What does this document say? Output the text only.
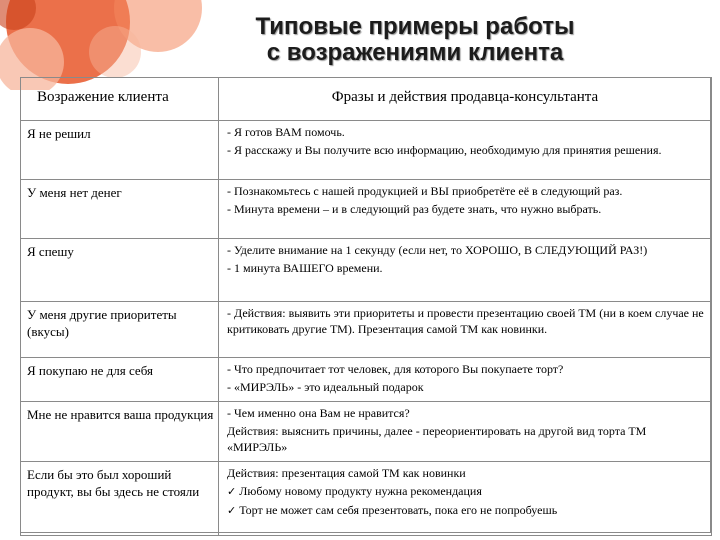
Типовые примеры работы
с возражениями клиента
Возражение клиента	Фразы и действия продавца-консультанта
Я не решил	- Я готов ВАМ помочь.
- Я расскажу и Вы получите всю информацию, необходимую для принятия решения.

У меня нет денег	- Познакомьтесь с нашей продукцией и ВЫ приобретёте её в следующий раз.
- Минута времени – и в следующий раз будете знать, что нужно выбрать.

Я спешу	- Уделите внимание на 1 секунду (если нет, то ХОРОШО, В СЛЕДУЮЩИЙ РАЗ!)
- 1 минута ВАШЕГО времени.

У меня другие приоритеты (вкусы)	- Действия: выявить эти приоритеты и провести презентацию своей ТМ (ни в коем случае не критиковать другие ТМ). Презентация самой ТМ как новинки.

Я покупаю не для себя	- Что предпочитает тот человек, для которого Вы покупаете торт?
- «МИРЭЛЬ» - это идеальный подарок

Мне не нравится ваша продукция	- Чем именно она Вам не нравится?
Действия: выяснить причины, далее - переориентировать на другой вид торта ТМ «МИРЭЛЬ»

Если бы это был хороший продукт, вы бы здесь не стояли	Действия: презентация самой ТМ как новинки
✓ Любому новому продукту нужна рекомендация
✓ Торт не может сам себя презентовать, пока его не попробуешь
